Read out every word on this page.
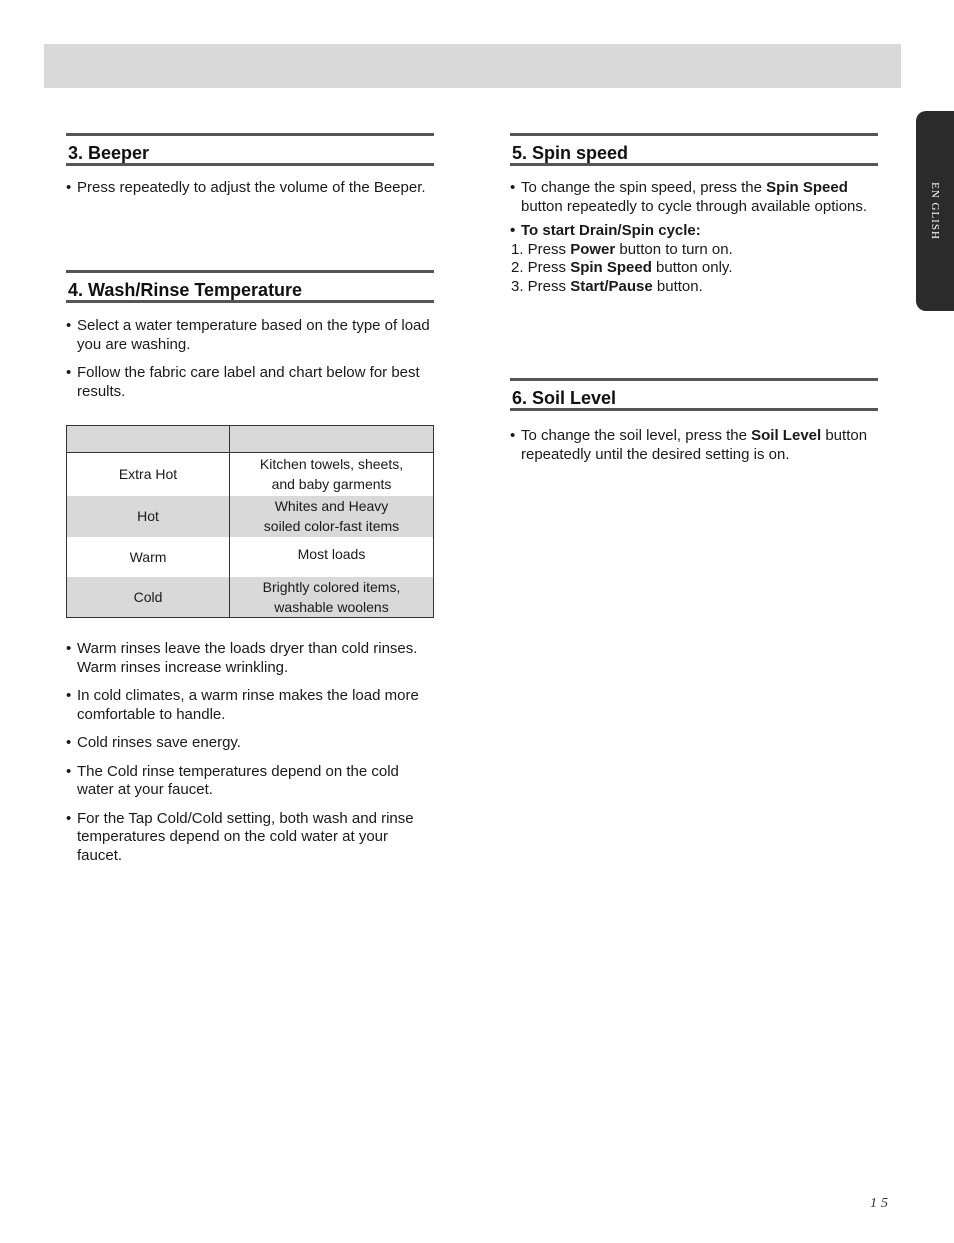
EN GLISH
3. Beeper

• Press repeatedly to adjust the volume of the Beeper.

4. Wash/Rinse Temperature

• Select a water temperature based on the type of load you are washing.

• Follow the fabric care label and chart below for best results.

Extra Hot	Kitchen towels, sheets,
and baby garments

Hot	Whites and Heavy
soiled color-fast items

Warm	Most loads

Cold	Brightly colored items,
washable woolens

• Warm rinses leave the loads dryer than cold rinses. Warm rinses increase wrinkling.

• In cold climates, a warm rinse makes the load more comfortable to handle.

• Cold rinses save energy.

• The Cold rinse temperatures depend on the cold water at your faucet.

• For the Tap Cold/Cold setting, both wash and rinse temperatures depend on the cold water at your faucet.

5. Spin speed

• To change the spin speed, press the Spin Speed button repeatedly to cycle through available options.

• To start Drain/Spin cycle:

1. Press Power button to turn on.

2. Press Spin Speed button only.

3. Press Start/Pause button.

6. Soil Level

• To change the soil level, press the Soil Level button repeatedly until the desired setting is on.

15
